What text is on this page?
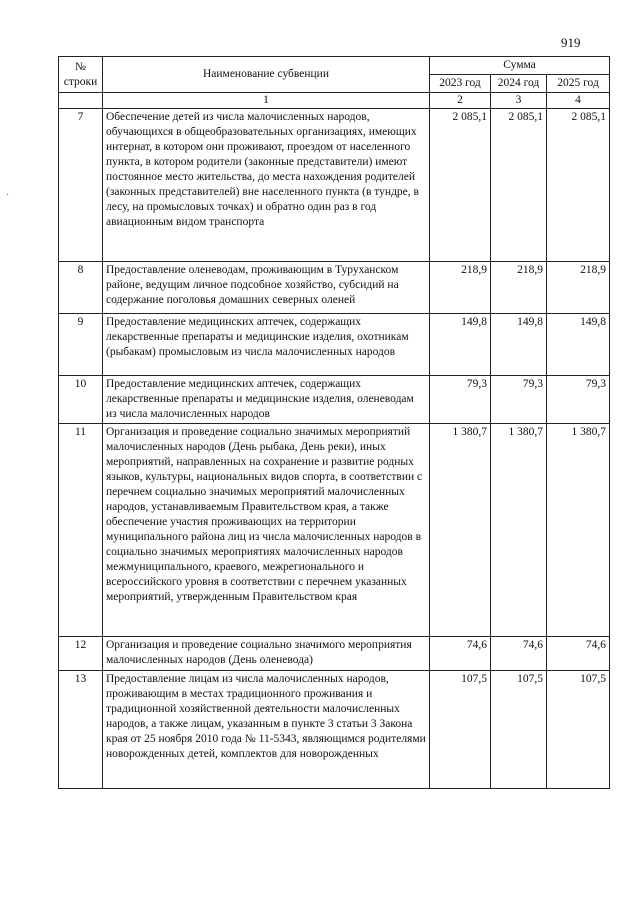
919
·
№
строки	Наименование субвенции	Сумма		
		2023 год	2024 год	2025 год
	1	2	3	4
7	Обеспечение детей из числа малочисленных народов, обучающихся в общеобразовательных организациях, имеющих интернат, в котором они проживают, проездом от населенного пункта, в котором родители (законные представители) имеют постоянное место жительства, до места нахождения родителей (законных представителей) вне населенного пункта (в тундре, в лесу, на промысловых точках) и обратно один раз в год авиационным видом транспорта	2 085,1	2 085,1	2 085,1
8	Предоставление оленеводам, проживающим в Туруханском районе, ведущим личное подсобное хозяйство, субсидий на содержание поголовья домашних северных оленей	218,9	218,9	218,9
9	Предоставление медицинских аптечек, содержащих лекарственные препараты и медицинские изделия, охотникам (рыбакам) промысловым из числа малочисленных народов	149,8	149,8	149,8
10	Предоставление медицинских аптечек, содержащих лекарственные препараты и медицинские изделия, оленеводам из числа малочисленных народов	79,3	79,3	79,3
11	Организация и проведение социально значимых мероприятий малочисленных народов (День рыбака, День реки), иных мероприятий, направленных на сохранение и развитие родных языков, культуры, национальных видов спорта, в соответствии с перечнем социально значимых мероприятий малочисленных народов, устанавливаемым Правительством края, а также обеспечение участия проживающих на территории муниципального района лиц из числа малочисленных народов в социально значимых мероприятиях малочисленных народов межмуниципального, краевого, межрегионального и всероссийского уровня в соответствии с перечнем указанных мероприятий, утвержденным Правительством края	1 380,7	1 380,7	1 380,7
12	Организация и проведение социально значимого мероприятия малочисленных народов (День оленевода)	74,6	74,6	74,6
13	Предоставление лицам из числа малочисленных народов, проживающим в местах традиционного проживания и традиционной хозяйственной деятельности малочисленных народов, а также лицам, указанным в пункте 3 статьи 3 Закона края от 25 ноября 2010 года № 11-5343, являющимся родителями новорожденных детей, комплектов для новорожденных	107,5	107,5	107,5
